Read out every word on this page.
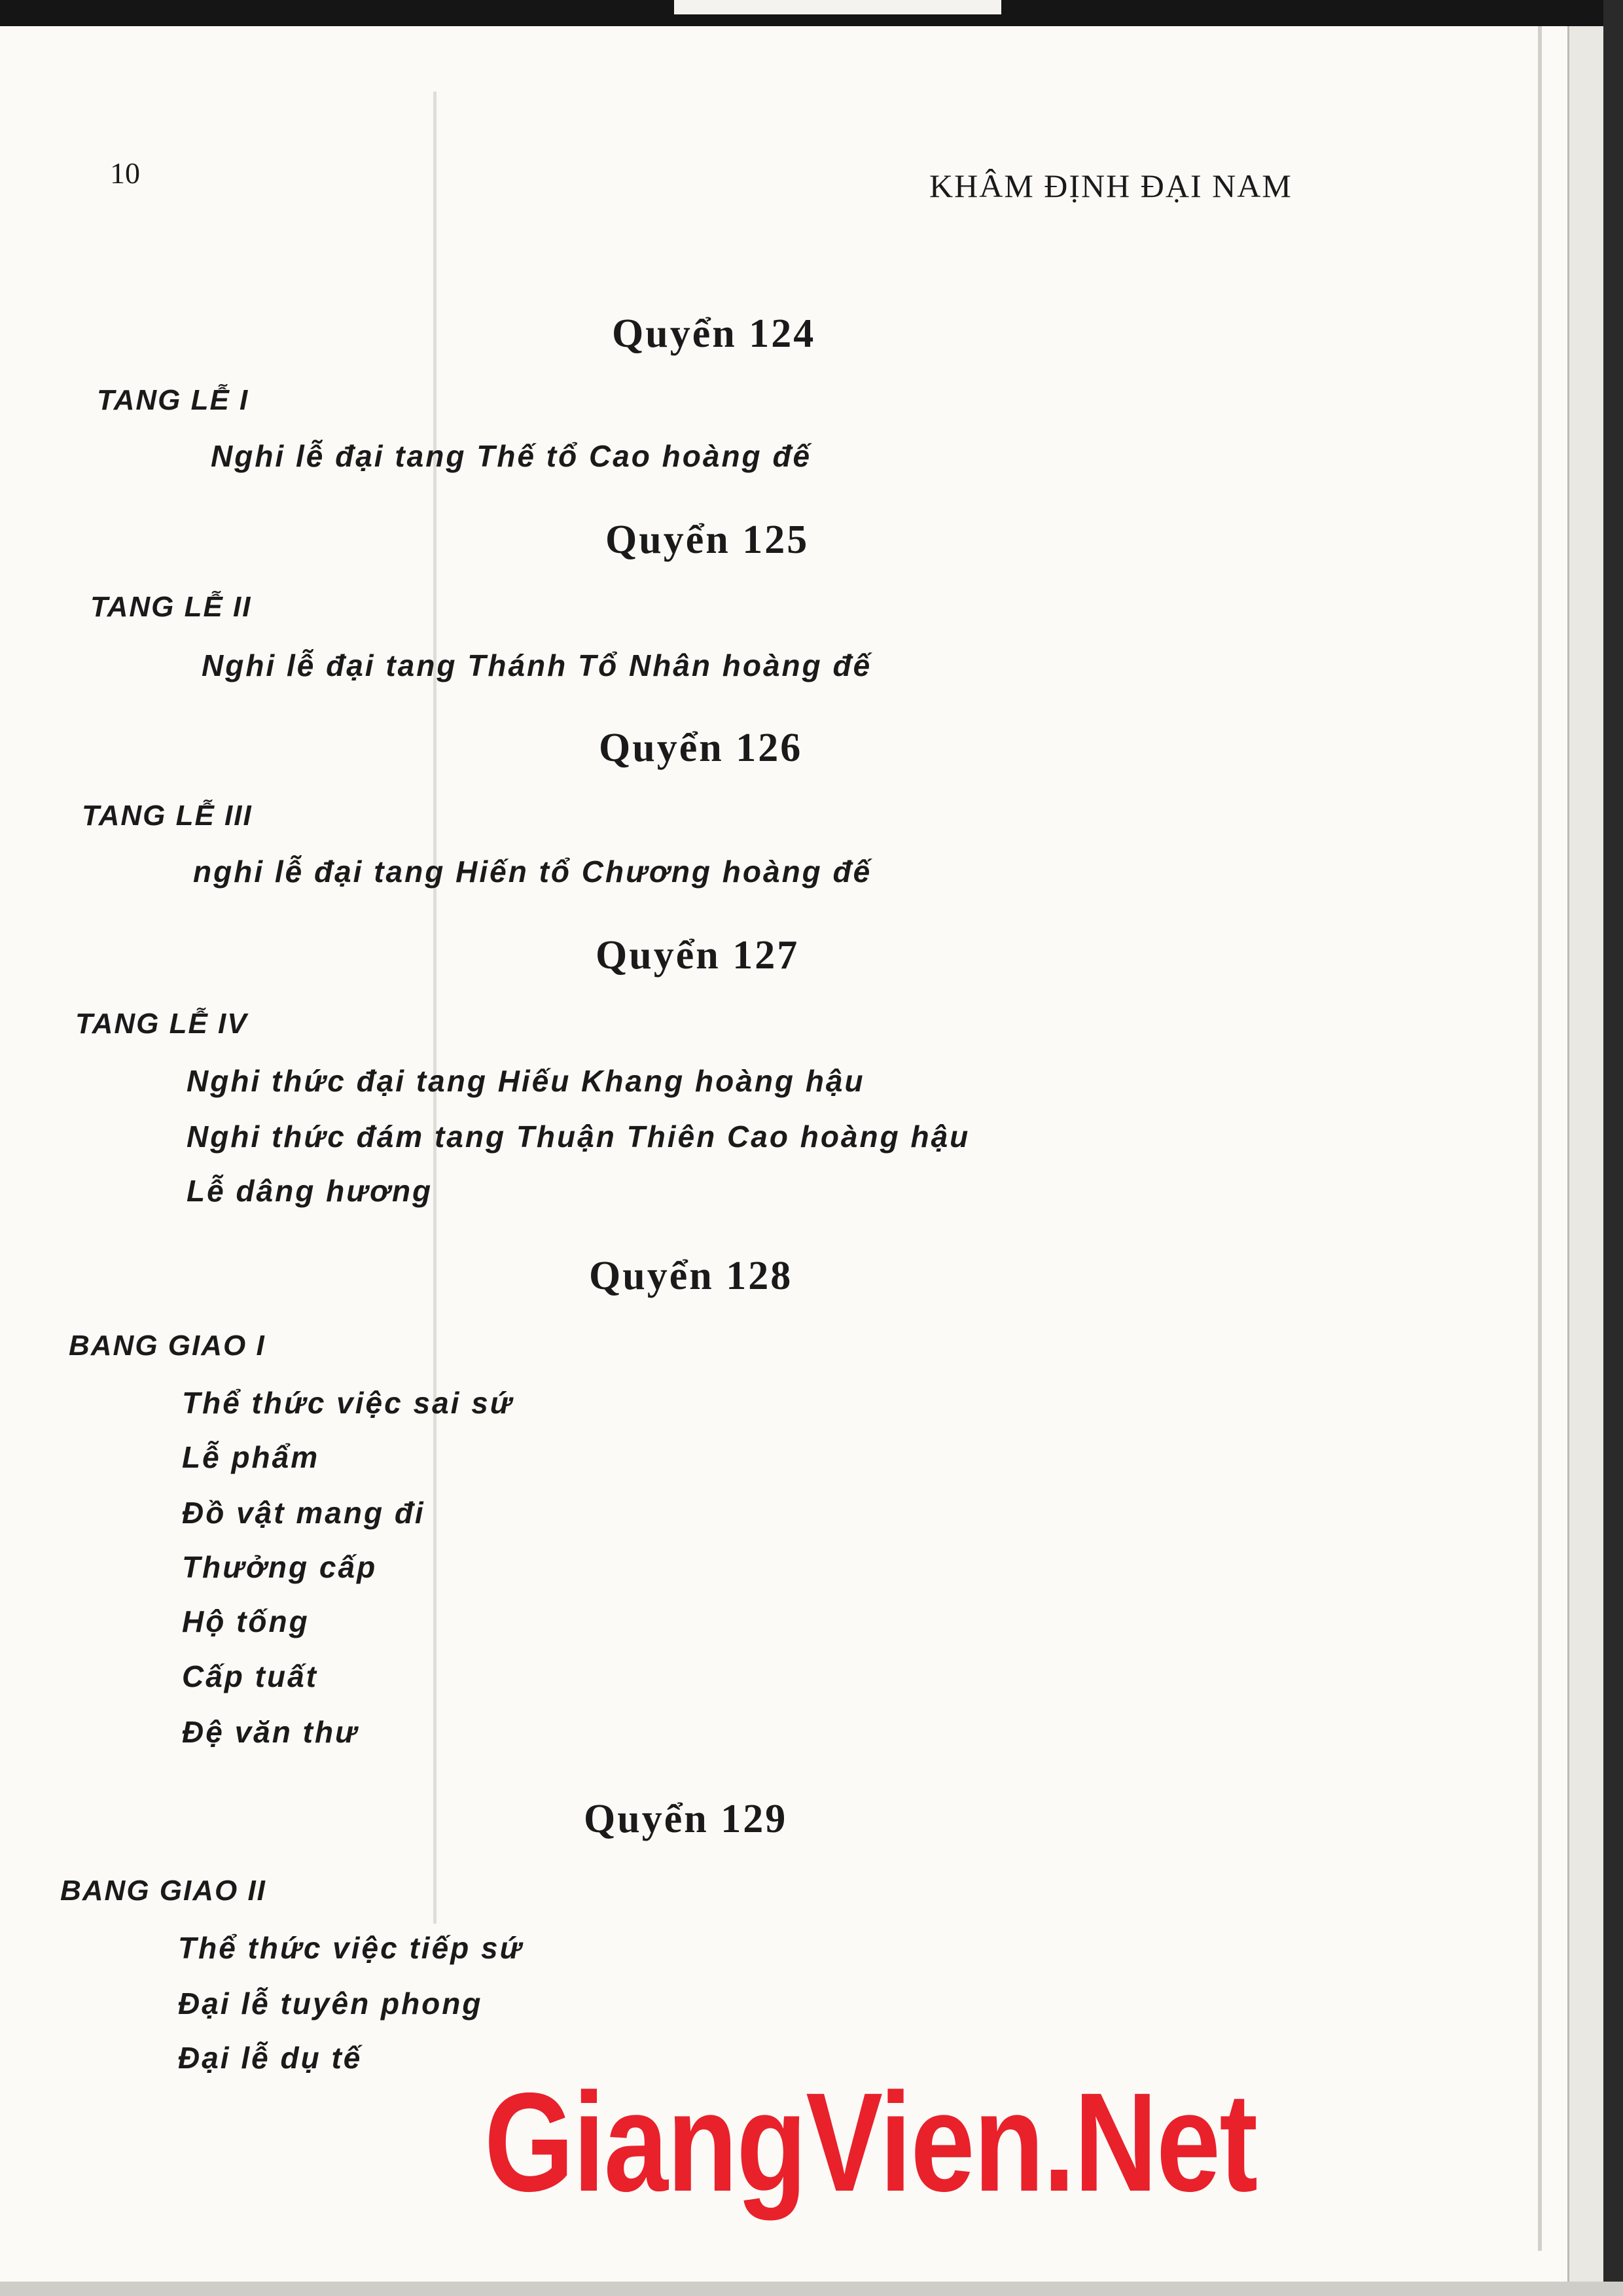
10	KHÂM ĐỊNH ĐẠI NAM
Quyển 124
TANG LỄ I
Nghi lễ đại tang Thế tổ Cao hoàng đế
Quyển 125
TANG LỄ II
Nghi lễ đại tang Thánh Tổ Nhân hoàng đế
Quyển 126
TANG LỄ III
nghi lễ đại tang Hiến tổ Chương hoàng đế
Quyển 127
TANG LỄ IV
Nghi thức đại tang Hiếu Khang hoàng hậu
Nghi thức đám tang Thuận Thiên Cao hoàng hậu
Lễ dâng hương
Quyển 128
BANG GIAO I
Thể thức việc sai sứ
Lễ phẩm
Đồ vật mang đi
Thưởng cấp
Hộ tống
Cấp tuất
Đệ văn thư
Quyển 129
BANG GIAO II
Thể thức việc tiếp sứ
Đại lễ tuyên phong
Đại lễ dụ tế
GiangVien.Net
